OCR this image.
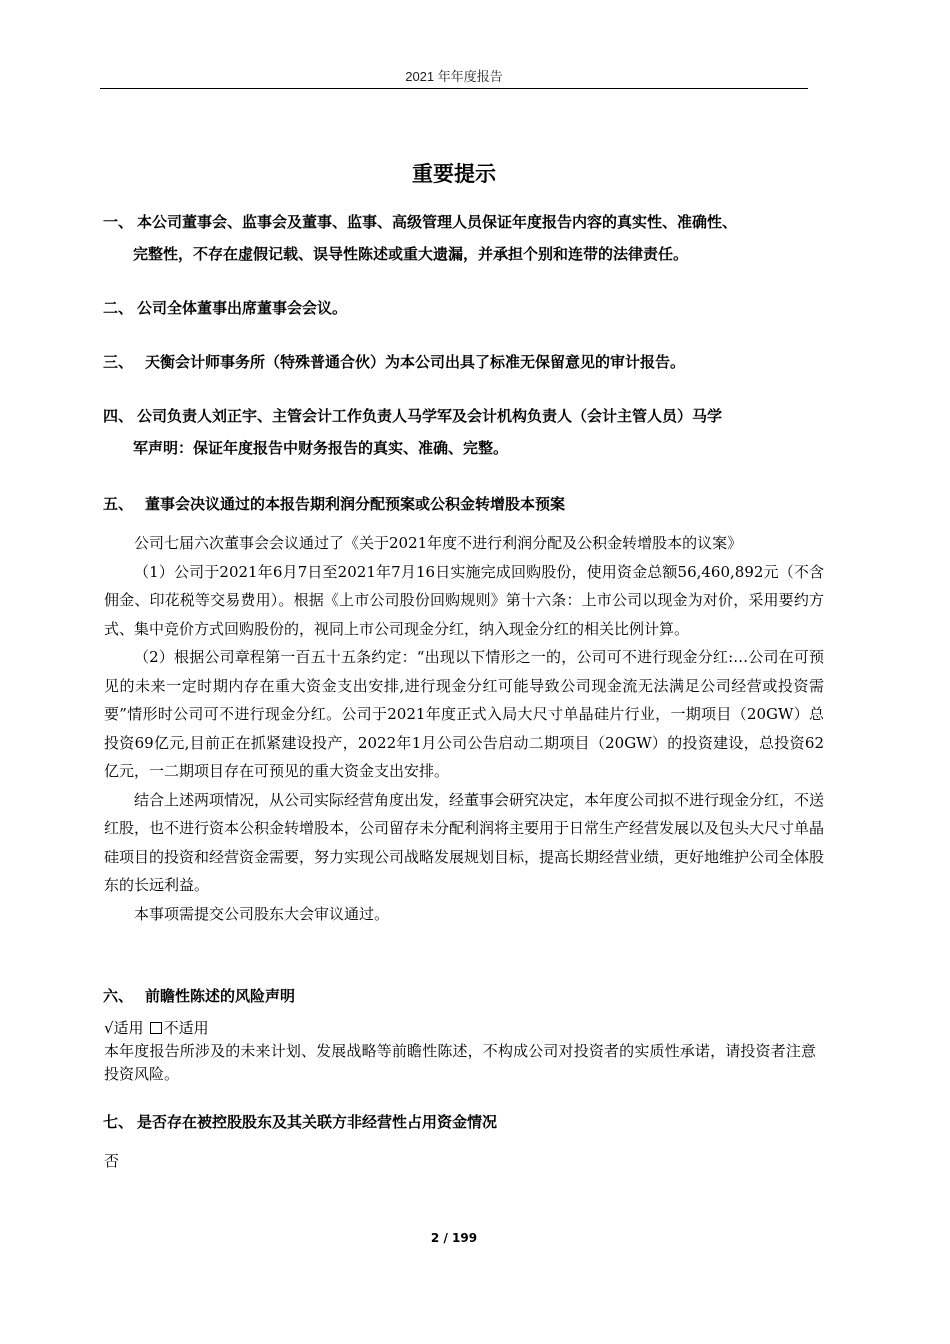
2021 年年度报告
重要提示
一、 本公司董事会、监事会及董事、监事、高级管理人员保证年度报告内容的真实性、准确性、
完整性，不存在虚假记载、误导性陈述或重大遗漏，并承担个别和连带的法律责任。
二、 公司全体董事出席董事会会议。
三、 天衡会计师事务所（特殊普通合伙）为本公司出具了标准无保留意见的审计报告。
四、 公司负责人刘正宇、主管会计工作负责人马学军及会计机构负责人（会计主管人员）马学
军声明：保证年度报告中财务报告的真实、准确、完整。
五、 董事会决议通过的本报告期利润分配预案或公积金转增股本预案

公司七届六次董事会会议通过了《关于2021年度不进行利润分配及公积金转增股本的议案》

（1）公司于2021年6月7日至2021年7月16日实施完成回购股份，使用资金总额56,460,892元（不含佣金、印花税等交易费用）。根据《上市公司股份回购规则》第十六条：上市公司以现金为对价，采用要约方式、集中竞价方式回购股份的，视同上市公司现金分红，纳入现金分红的相关比例计算。

（2）根据公司章程第一百五十五条约定：“出现以下情形之一的，公司可不进行现金分红:…公司在可预见的未来一定时期内存在重大资金支出安排,进行现金分红可能导致公司现金流无法满足公司经营或投资需要”情形时公司可不进行现金分红。公司于2021年度正式入局大尺寸单晶硅片行业，一期项目（20GW）总投资69亿元,目前正在抓紧建设投产，2022年1月公司公告启动二期项目（20GW）的投资建设，总投资62亿元，一二期项目存在可预见的重大资金支出安排。

结合上述两项情况，从公司实际经营角度出发，经董事会研究决定，本年度公司拟不进行现金分红，不送红股，也不进行资本公积金转增股本，公司留存未分配利润将主要用于日常生产经营发展以及包头大尺寸单晶硅项目的投资和经营资金需要，努力实现公司战略发展规划目标，提高长期经营业绩，更好地维护公司全体股东的长远利益。

本事项需提交公司股东大会审议通过。

六、 前瞻性陈述的风险声明
√适用 不适用
本年度报告所涉及的未来计划、发展战略等前瞻性陈述，不构成公司对投资者的实质性承诺，请投资者注意投资风险。
七、 是否存在被控股股东及其关联方非经营性占用资金情况
否
2 / 199
